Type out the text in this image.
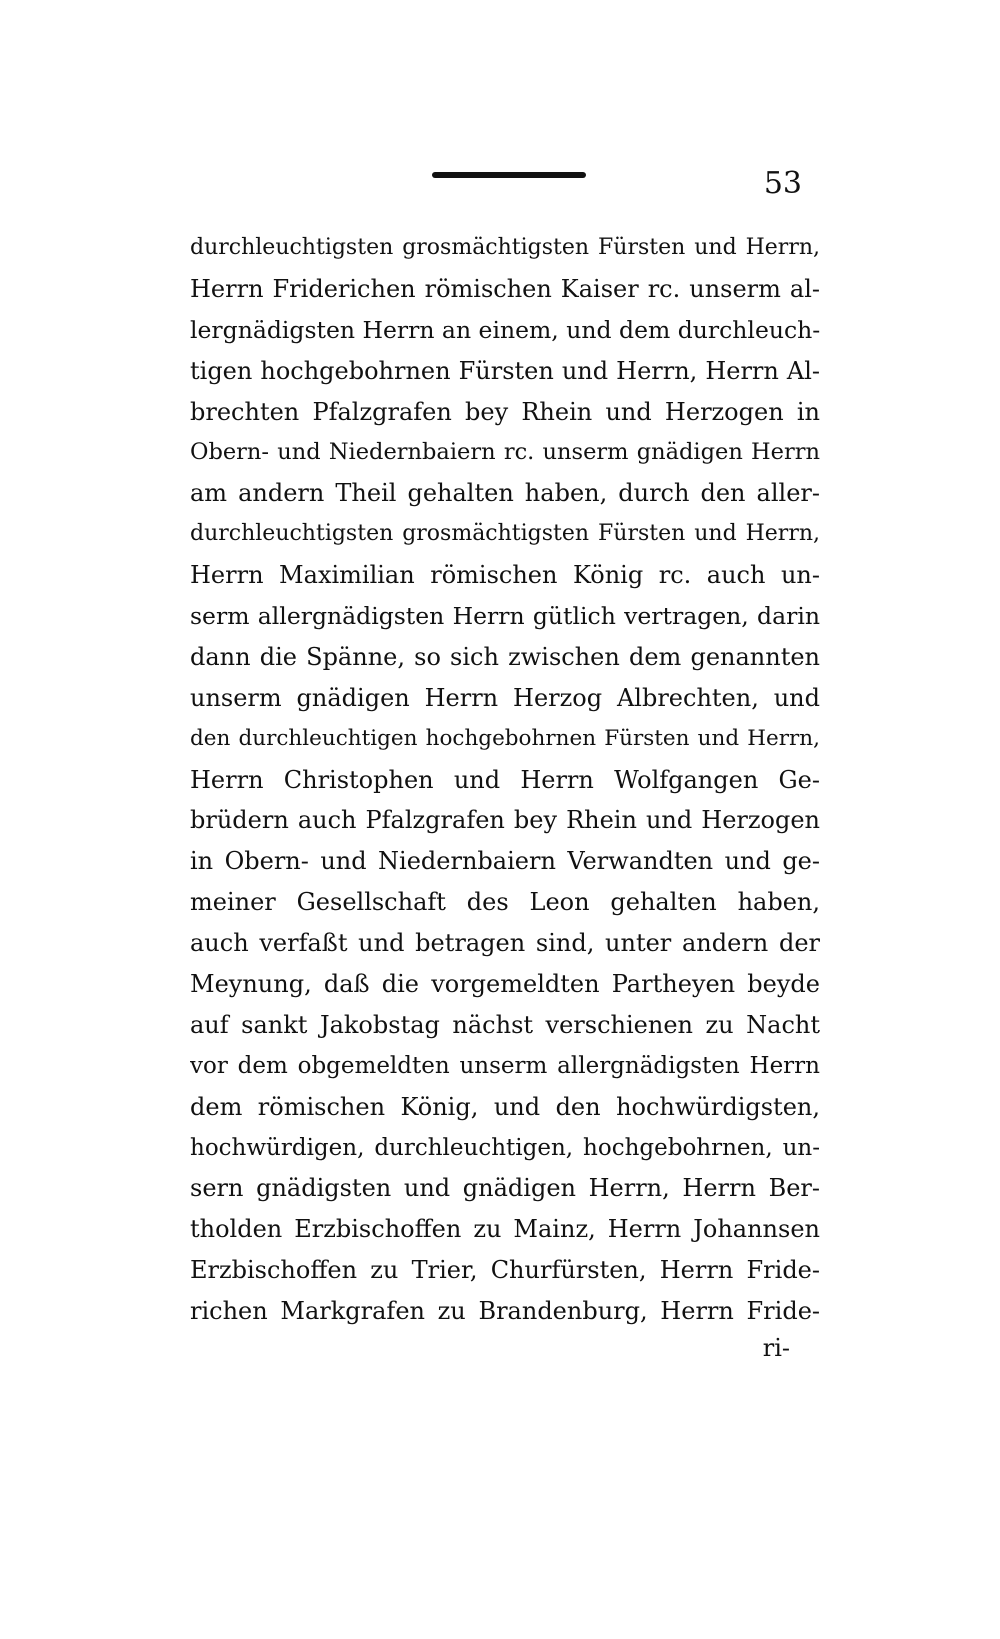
53
durchleuchtigsten grosmächtigsten Fürsten und Herrn,
Herrn Friderichen römischen Kaiser rc. unserm al-
lergnädigsten Herrn an einem, und dem durchleuch-
tigen hochgebohrnen Fürsten und Herrn, Herrn Al-
brechten Pfalzgrafen bey Rhein und Herzogen in
Obern- und Niedernbaiern rc. unserm gnädigen Herrn
am andern Theil gehalten haben, durch den aller-
durchleuchtigsten grosmächtigsten Fürsten und Herrn,
Herrn Maximilian römischen König rc. auch un-
serm allergnädigsten Herrn gütlich vertragen, darin
dann die Spänne, so sich zwischen dem genannten
unserm gnädigen Herrn Herzog Albrechten, und
den durchleuchtigen hochgebohrnen Fürsten und Herrn,
Herrn Christophen und Herrn Wolfgangen Ge-
brüdern auch Pfalzgrafen bey Rhein und Herzogen
in Obern- und Niedernbaiern Verwandten und ge-
meiner Gesellschaft des Leon gehalten haben,
auch verfaßt und betragen sind, unter andern der
Meynung, daß die vorgemeldten Partheyen beyde
auf sankt Jakobstag nächst verschienen zu Nacht
vor dem obgemeldten unserm allergnädigsten Herrn
dem römischen König, und den hochwürdigsten,
hochwürdigen, durchleuchtigen, hochgebohrnen, un-
sern gnädigsten und gnädigen Herrn, Herrn Ber-
tholden Erzbischoffen zu Mainz, Herrn Johannsen
Erzbischoffen zu Trier, Churfürsten, Herrn Fride-
richen Markgrafen zu Brandenburg, Herrn Fride-
ri-
